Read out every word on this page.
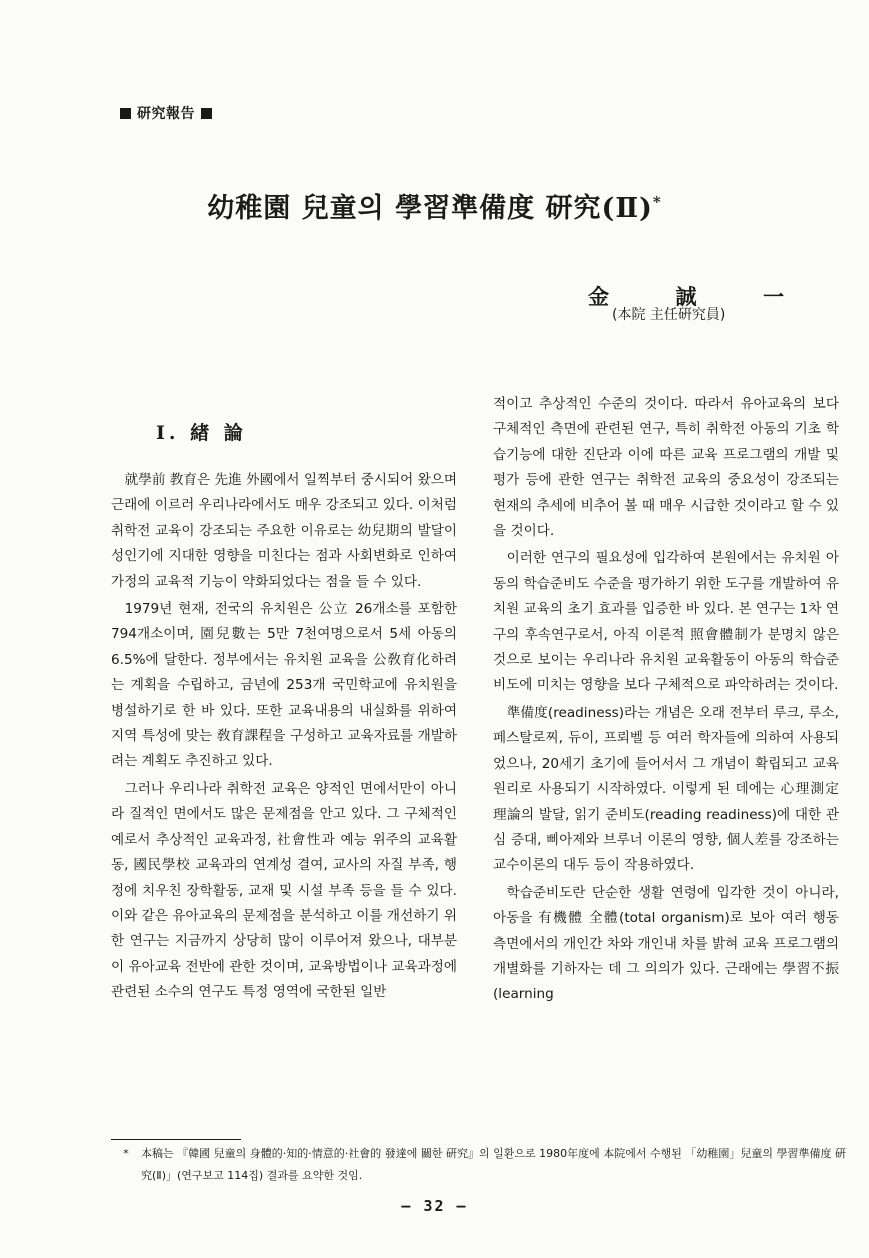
研究報告
幼稚園 兒童의 學習準備度 研究(Ⅱ)*
金	誠	一
(本院 主任硏究員)
Ⅰ. 緖 論

就學前 教育은 先進 外國에서 일찍부터 중시되어 왔으며 근래에 이르러 우리나라에서도 매우 강조되고 있다. 이처럼 취학전 교육이 강조되는 주요한 이유로는 幼兒期의 발달이 성인기에 지대한 영향을 미친다는 점과 사회변화로 인하여 가정의 교육적 기능이 약화되었다는 점을 들 수 있다.

1979년 현재, 전국의 유치원은 公立 26개소를 포함한 794개소이며, 園兒數는 5만 7천여명으로서 5세 아동의 6.5%에 달한다. 정부에서는 유치원 교육을 公敎育化하려는 계획을 수립하고, 금년에 253개 국민학교에 유치원을 병설하기로 한 바 있다. 또한 교육내용의 내실화를 위하여 지역 특성에 맞는 敎育課程을 구성하고 교육자료를 개발하려는 계획도 추진하고 있다.

그러나 우리나라 취학전 교육은 양적인 면에서만이 아니라 질적인 면에서도 많은 문제점을 안고 있다. 그 구체적인 예로서 추상적인 교육과정, 社會性과 예능 위주의 교육활동, 國民學校 교육과의 연계성 결여, 교사의 자질 부족, 행정에 치우친 장학활동, 교재 및 시설 부족 등을 들 수 있다. 이와 같은 유아교육의 문제점을 분석하고 이를 개선하기 위한 연구는 지금까지 상당히 많이 이루어져 왔으나, 대부분이 유아교육 전반에 관한 것이며, 교육방법이나 교육과정에 관련된 소수의 연구도 특정 영역에 국한된 일반

적이고 추상적인 수준의 것이다. 따라서 유아교육의 보다 구체적인 측면에 관련된 연구, 특히 취학전 아동의 기초 학습기능에 대한 진단과 이에 따른 교육 프로그램의 개발 및 평가 등에 관한 연구는 취학전 교육의 중요성이 강조되는 현재의 추세에 비추어 볼 때 매우 시급한 것이라고 할 수 있을 것이다.

이러한 연구의 필요성에 입각하여 본원에서는 유치원 아동의 학습준비도 수준을 평가하기 위한 도구를 개발하여 유치원 교육의 초기 효과를 입증한 바 있다. 본 연구는 1차 연구의 후속연구로서, 아직 이론적 照會體制가 분명치 않은 것으로 보이는 우리나라 유치원 교육활동이 아동의 학습준비도에 미치는 영향을 보다 구체적으로 파악하려는 것이다.

準備度(readiness)라는 개념은 오래 전부터 루크, 루소, 페스탈로찌, 듀이, 프뢰벨 등 여러 학자들에 의하여 사용되었으나, 20세기 초기에 들어서서 그 개념이 확립되고 교육원리로 사용되기 시작하였다. 이렇게 된 데에는 心理測定理論의 발달, 읽기 준비도(reading readiness)에 대한 관심 증대, 삐아제와 브루너 이론의 영향, 個人差를 강조하는 교수이론의 대두 등이 작용하였다.

학습준비도란 단순한 생활 연령에 입각한 것이 아니라, 아동을 有機體 全體(total organism)로 보아 여러 행동 측면에서의 개인간 차와 개인내 차를 밝혀 교육 프로그램의 개별화를 기하자는 데 그 의의가 있다. 근래에는 學習不振(learning

*	本稿는 『韓國 兒童의 身體的·知的·情意的·社會的 發達에 關한 硏究』의 일환으로 1980年度에 本院에서 수행된 「幼稚園」兒童의 學習準備度 硏究(Ⅱ)」(연구보고 114집) 결과를 요약한 것임.
— 32 —
